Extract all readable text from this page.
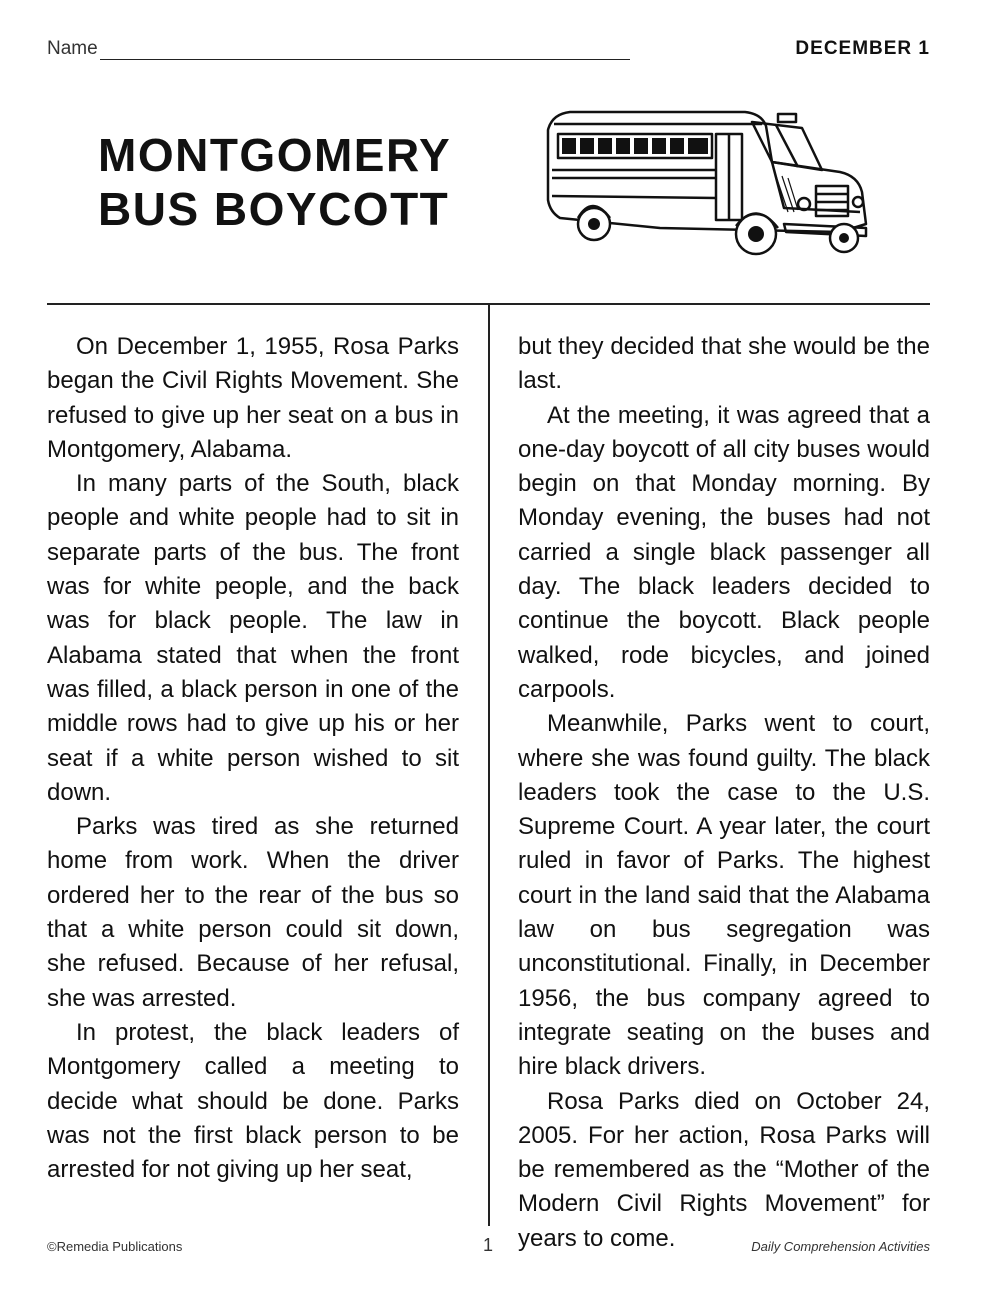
Name	DECEMBER 1
MONTGOMERY
BUS BOYCOTT

On December 1, 1955, Rosa Parks began the Civil Rights Movement. She refused to give up her seat on a bus in Montgomery, Alabama.

In many parts of the South, black people and white people had to sit in separate parts of the bus. The front was for white people, and the back was for black people. The law in Alabama stated that when the front was filled, a black person in one of the middle rows had to give up his or her seat if a white person wished to sit down.

Parks was tired as she returned home from work. When the driver ordered her to the rear of the bus so that a white person could sit down, she refused. Because of her refusal, she was arrested.

In protest, the black leaders of Montgomery called a meeting to decide what should be done. Parks was not the first black person to be arrested for not giving up her seat,

but they decided that she would be the last.

At the meeting, it was agreed that a one-day boycott of all city buses would begin on that Monday morning. By Monday evening, the buses had not carried a single black passenger all day. The black leaders decided to continue the boycott. Black people walked, rode bicycles, and joined carpools.

Meanwhile, Parks went to court, where she was found guilty. The black leaders took the case to the U.S. Supreme Court. A year later, the court ruled in favor of Parks. The highest court in the land said that the Alabama law on bus segregation was unconstitutional. Finally, in December 1956, the bus company agreed to integrate seating on the buses and hire black drivers.

Rosa Parks died on October 24, 2005. For her action, Rosa Parks will be remembered as the “Mother of the Modern Civil Rights Movement” for years to come.

©Remedia Publications	1	Daily Comprehension Activities
